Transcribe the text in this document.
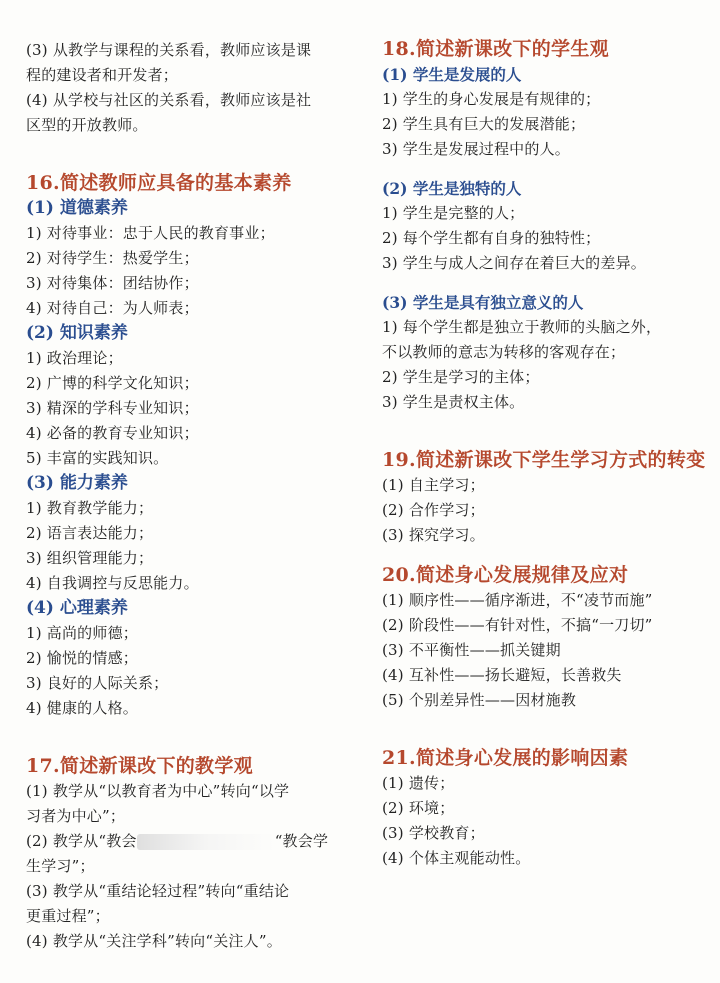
(3) 从教学与课程的关系看，教师应该是课
程的建设者和开发者；
(4) 从学校与社区的关系看，教师应该是社
区型的开放教师。
16.简述教师应具备的基本素养
(1) 道德素养
1) 对待事业：忠于人民的教育事业；
2) 对待学生：热爱学生；
3) 对待集体：团结协作；
4) 对待自己：为人师表；
(2) 知识素养
1) 政治理论；
2) 广博的科学文化知识；
3) 精深的学科专业知识；
4) 必备的教育专业知识；
5) 丰富的实践知识。
(3) 能力素养
1) 教育教学能力；
2) 语言表达能力；
3) 组织管理能力；
4) 自我调控与反思能力。
(4) 心理素养
1) 高尚的师德；
2) 愉悦的情感；
3) 良好的人际关系；
4) 健康的人格。
17.简述新课改下的教学观
(1) 教学从“以教育者为中心”转向“以学
习者为中心”；
(2) 教学从“教会	“教会学
生学习”；
(3) 教学从“重结论轻过程”转向“重结论
更重过程”；
(4) 教学从“关注学科”转向“关注人”。
18.简述新课改下的学生观
(1) 学生是发展的人
1) 学生的身心发展是有规律的；
2) 学生具有巨大的发展潜能；
3) 学生是发展过程中的人。
(2) 学生是独特的人
1) 学生是完整的人；
2) 每个学生都有自身的独特性；
3) 学生与成人之间存在着巨大的差异。
(3) 学生是具有独立意义的人
1) 每个学生都是独立于教师的头脑之外，
不以教师的意志为转移的客观存在；
2) 学生是学习的主体；
3) 学生是责权主体。
19.简述新课改下学生学习方式的转变
(1) 自主学习；
(2) 合作学习；
(3) 探究学习。
20.简述身心发展规律及应对
(1) 顺序性——循序渐进，不“凌节而施”
(2) 阶段性——有针对性，不搞“一刀切”
(3) 不平衡性——抓关键期
(4) 互补性——扬长避短，长善救失
(5) 个别差异性——因材施教
21.简述身心发展的影响因素
(1) 遗传；
(2) 环境；
(3) 学校教育；
(4) 个体主观能动性。
